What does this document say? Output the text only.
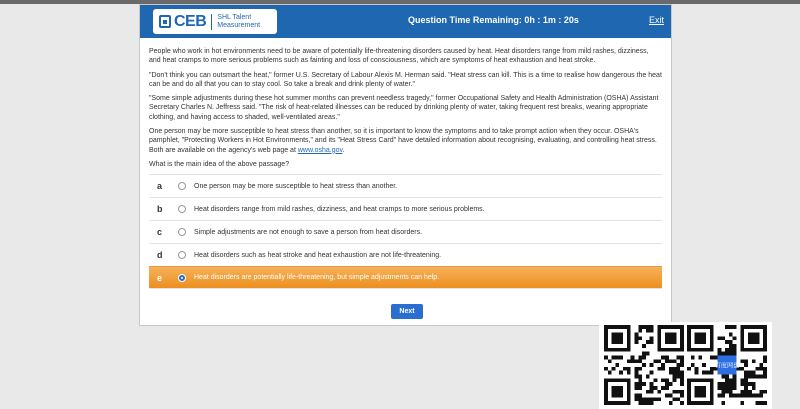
CEB SHL Talent Measurement	Question Time Remaining: 0h : 1m : 20s	Exit

People who work in hot environments need to be aware of potentially life-threatening disorders caused by heat. Heat disorders range from mild rashes, dizziness, and heat cramps to more serious problems such as fainting and loss of consciousness, which are symptoms of heat exhaustion and heat stroke.

"Don't think you can outsmart the heat," former U.S. Secretary of Labour Alexis M. Herman said. "Heat stress can kill. This is a time to realise how dangerous the heat can be and do all that you can to stay cool. So take a break and drink plenty of water."

"Some simple adjustments during these hot summer months can prevent needless tragedy," former Occupational Safety and Health Administration (OSHA) Assistant Secretary Charles N. Jeffress said. "The risk of heat-related illnesses can be reduced by drinking plenty of water, taking frequent rest breaks, wearing appropriate clothing, and having access to shaded, well-ventilated areas."

One person may be more susceptible to heat stress than another, so it is important to know the symptoms and to take prompt action when they occur. OSHA's pamphlet, "Protecting Workers in Hot Environments," and its "Heat Stress Card" have detailed information about recognising, evaluating, and controlling heat stress. Both are available on the agency's web page at www.osha.gov.

What is the main idea of the above passage?

a	One person may be more susceptible to heat stress than another.
b	Heat disorders range from mild rashes, dizziness, and heat cramps to more serious problems.
c	Simple adjustments are not enough to save a person from heat disorders.
d	Heat disorders such as heat stroke and heat exhaustion are not life-threatening.
e	Heat disorders are potentially life-threatening, but simple adjustments can help.
Next
百度网盘
